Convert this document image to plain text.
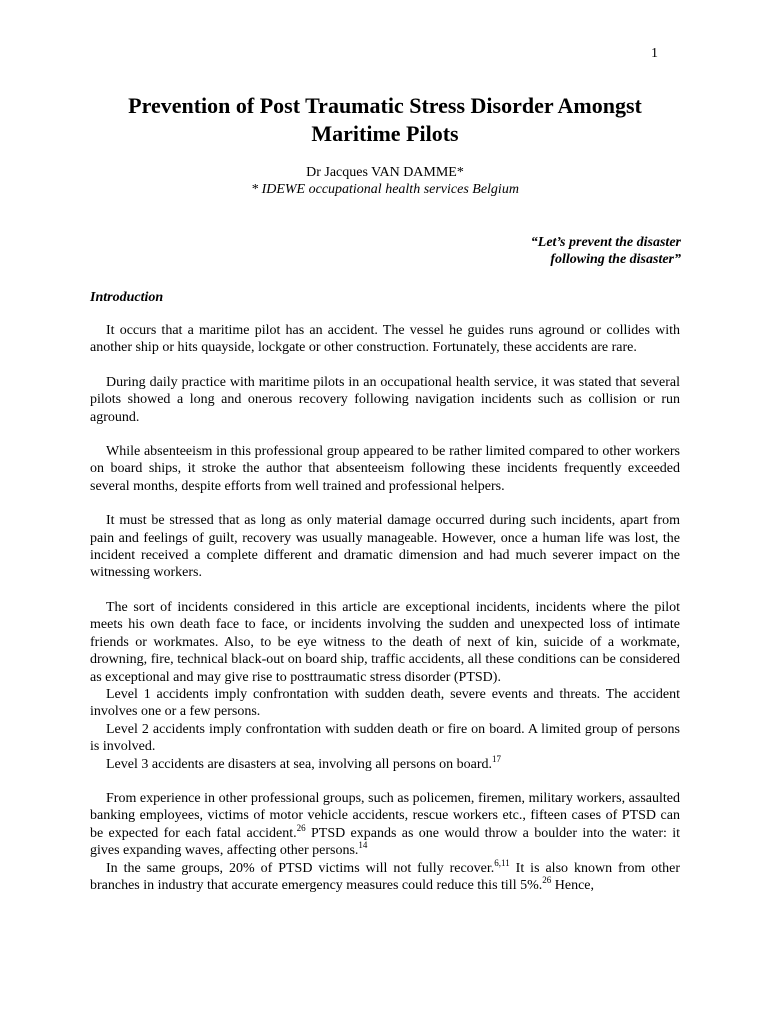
1
Prevention of Post Traumatic Stress Disorder Amongst Maritime Pilots
Dr Jacques VAN DAMME*
* IDEWE occupational health services Belgium
“Let’s prevent the disaster
following the disaster”
Introduction

It occurs that a maritime pilot has an accident. The vessel he guides runs aground or collides with another ship or hits quayside, lockgate or other construction. Fortunately, these accidents are rare.

During daily practice with maritime pilots in an occupational health service, it was stated that several pilots showed a long and onerous recovery following navigation incidents such as collision or run aground.

While absenteeism in this professional group appeared to be rather limited compared to other workers on board ships, it stroke the author that absenteeism following these incidents frequently exceeded several months, despite efforts from well trained and professional helpers.

It must be stressed that as long as only material damage occurred during such incidents, apart from pain and feelings of guilt, recovery was usually manageable. However, once a human life was lost, the incident received a complete different and dramatic dimension and had much severer impact on the witnessing workers.

The sort of incidents considered in this article are exceptional incidents, incidents where the pilot meets his own death face to face, or incidents involving the sudden and unexpected loss of intimate friends or workmates. Also, to be eye witness to the death of next of kin, suicide of a workmate, drowning, fire, technical black-out on board ship, traffic accidents, all these conditions can be considered as exceptional and may give rise to posttraumatic stress disorder (PTSD).

Level 1 accidents imply confrontation with sudden death, severe events and threats. The accident involves one or a few persons.

Level 2 accidents imply confrontation with sudden death or fire on board. A limited group of persons is involved.

Level 3 accidents are disasters at sea, involving all persons on board.$^{17}$

From experience in other professional groups, such as policemen, firemen, military workers, assaulted banking employees, victims of motor vehicle accidents, rescue workers etc., fifteen cases of PTSD can be expected for each fatal accident.$^{26}$ PTSD expands as one would throw a boulder into the water: it gives expanding waves, affecting other persons.$^{14}$

In the same groups, 20% of PTSD victims will not fully recover.$^{6,11}$ It is also known from other branches in industry that accurate emergency measures could reduce this till 5%.$^{26}$ Hence,
